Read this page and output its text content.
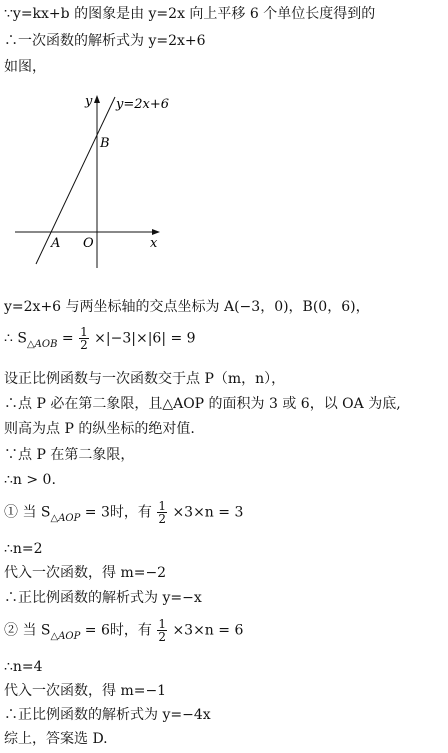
∵y=kx+b 的图象是由 y=2x 向上平移 6 个单位长度得到的
∴一次函数的解析式为 y=2x+6
如图，
y=2x+6
y
x
A O
B
y=2x+6 与两坐标轴的交点坐标为 A(−3，0)，B(0，6)，
∴ $S_{\triangle AOB} = \frac{1}{2} \times|-3|\times|6| = 9$
设正比例函数与一次函数交于点 P（m，n），
∴点 P 必在第二象限，且△AOP 的面积为 3 或 6，以 OA 为底,
则高为点 P 的纵坐标的绝对值.
∵点 P 在第二象限，
∴n > 0.
① 当 $S_{\triangle AOP} = 3$时，有 $\frac{1}{2} \times 3\times n = 3$
∴n=2
代入一次函数，得 m=−2
∴正比例函数的解析式为 y=−x
② 当 $S_{\triangle AOP} = 6$时，有 $\frac{1}{2} \times 3\times n = 6$
∴n=4
代入一次函数，得 m=−1
∴正比例函数的解析式为 y=−4x
综上，答案选 D.
